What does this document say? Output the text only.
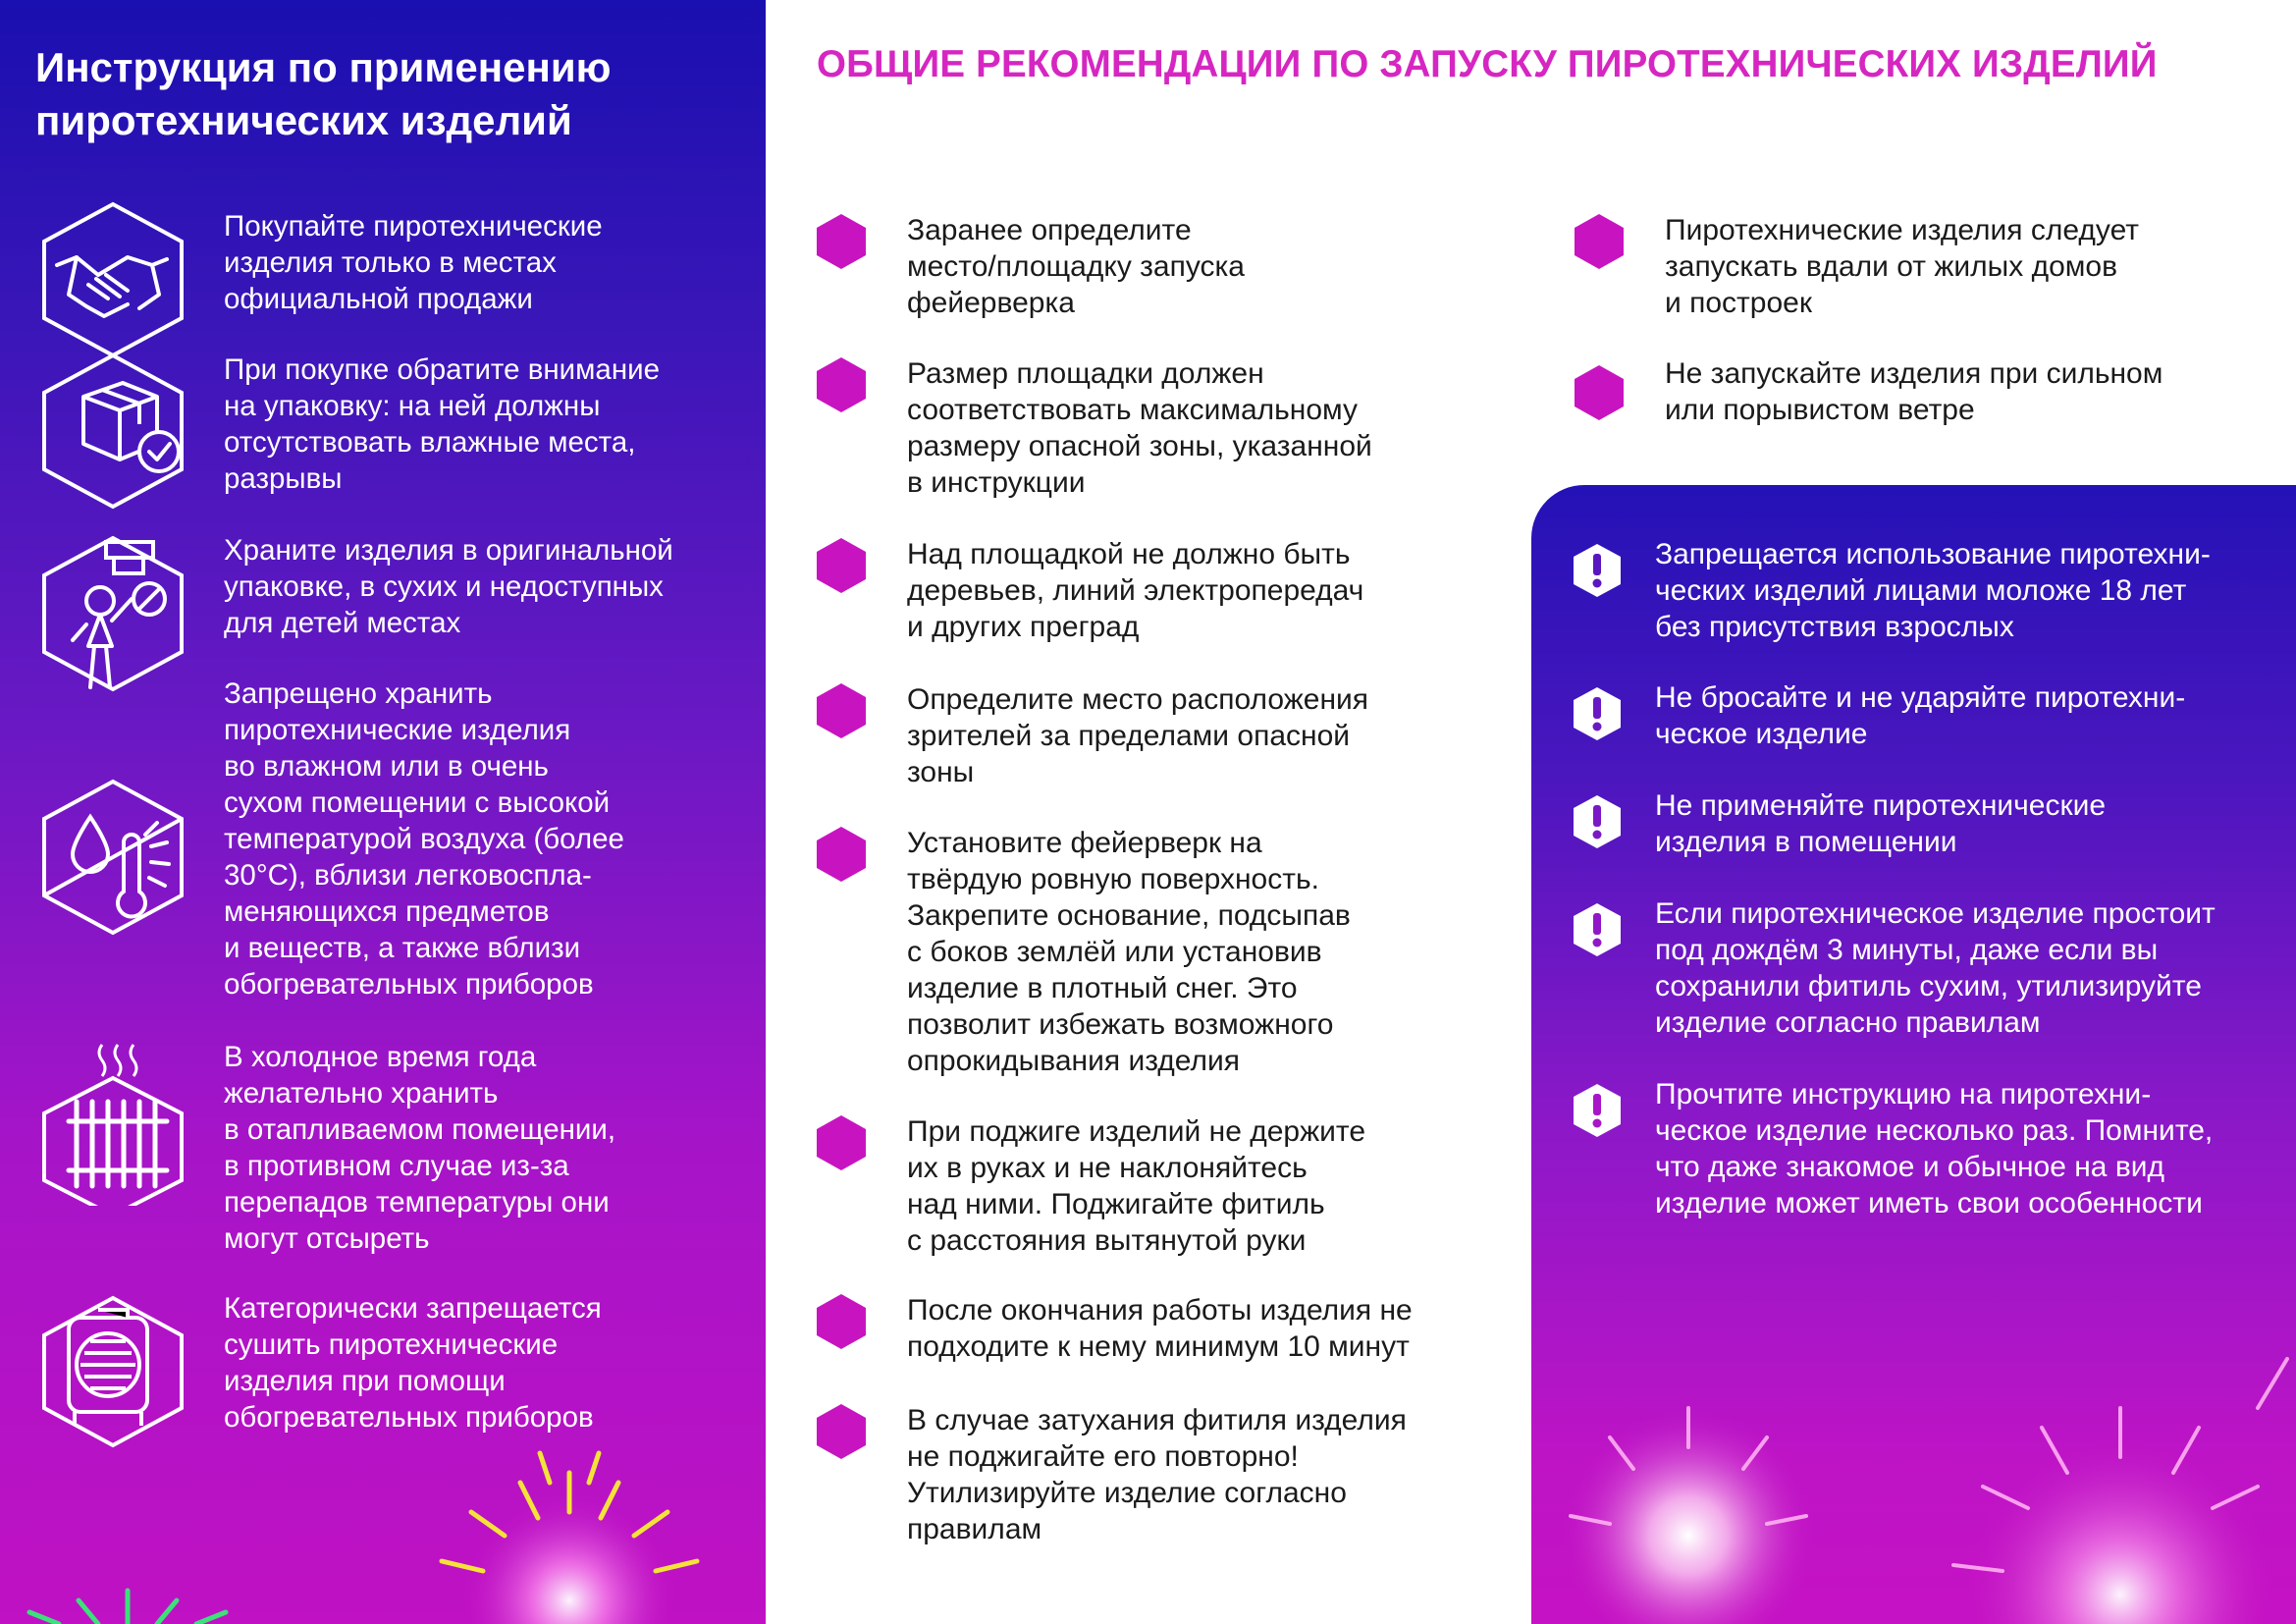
Инструкция по применению
пиротехнических изделий
Покупайте пиротехнические
изделия только в местах
официальной продажи
При покупке обратите внимание
на упаковку: на ней должны
отсутствовать влажные места,
разрывы
Храните изделия в оригинальной
упаковке, в сухих и недоступных
для детей местах
Запрещено хранить
пиротехнические изделия
во влажном или в очень
сухом помещении с высокой
температурой воздуха (более
30°С), вблизи легковоспла-
меняющихся предметов
и веществ, а также вблизи
обогревательных приборов
В холодное время года
желательно хранить
в отапливаемом помещении,
в противном случае из-за
перепадов температуры они
могут отсыреть
Категорически запрещается
сушить пиротехнические
изделия при помощи
обогревательных приборов
ОБЩИЕ РЕКОМЕНДАЦИИ ПО ЗАПУСКУ ПИРОТЕХНИЧЕСКИХ ИЗДЕЛИЙ
Заранее определите
место/площадку запуска
фейерверка
Размер площадки должен
соответствовать максимальному
размеру опасной зоны, указанной
в инструкции
Над площадкой не должно быть
деревьев, линий электропередач
и других преград
Определите место расположения
зрителей за пределами опасной
зоны
Установите фейерверк на
твёрдую ровную поверхность.
Закрепите основание, подсыпав
с боков землёй или установив
изделие в плотный снег. Это
позволит избежать возможного
опрокидывания изделия
При поджиге изделий не держите
их в руках и не наклоняйтесь
над ними. Поджигайте фитиль
с расстояния вытянутой руки
После окончания работы изделия не
подходите к нему минимум 10 минут
В случае затухания фитиля изделия
не поджигайте его повторно!
Утилизируйте изделие согласно
правилам
Пиротехнические изделия следует
запускать вдали от жилых домов
и построек
Не запускайте изделия при сильном
или порывистом ветре
Запрещается использование пиротехни-
ческих изделий лицами моложе 18 лет
без присутствия взрослых
Не бросайте и не ударяйте пиротехни-
ческое изделие
Не применяйте пиротехнические
изделия в помещении
Если пиротехническое изделие простоит
под дождём 3 минуты, даже если вы
сохранили фитиль сухим, утилизируйте
изделие согласно правилам
Прочтите инструкцию на пиротехни-
ческое изделие несколько раз. Помните,
что даже знакомое и обычное на вид
изделие может иметь свои особенности
